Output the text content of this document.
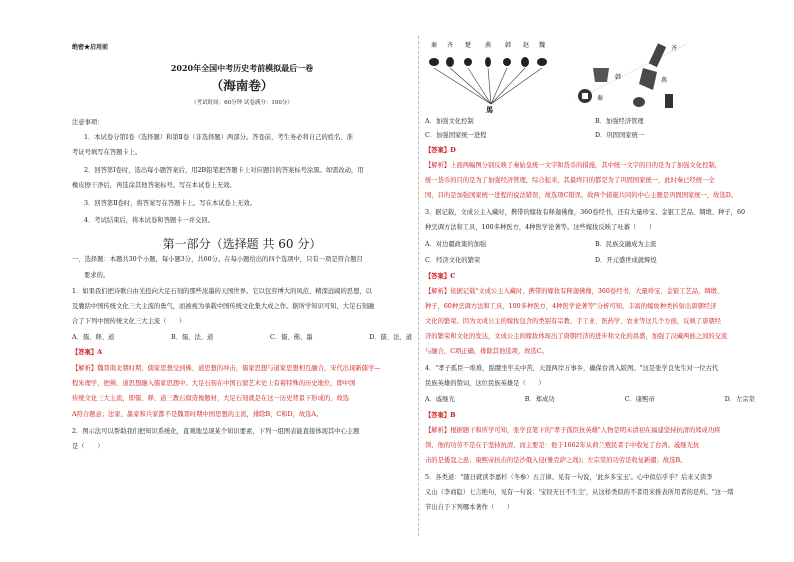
绝密★启用前
2020年全国中考历史考前模拟最后一卷
（海南卷）
（考试时间：60分钟 试卷满分：100分）

注意事项：

1．本试卷分第Ⅰ卷（选择题）和第Ⅱ卷（非选择题）两部分。答卷前，考生务必将自己的姓名、准

考证号填写在答题卡上。

2．回答第Ⅰ卷时，选出每小题答案后，用2B铅笔把答题卡上对应题目的答案标号涂黑。如需改动，用

橡皮擦干净后，再选涂其他答案标号。写在本试卷上无效。

3．回答第Ⅱ卷时，将答案写在答题卡上。写在本试卷上无效。

4．考试结束后，将本试卷和答题卡一并交回。

第一部分（选择题 共 60 分）

一、选择题：本题共30个小题，每小题3分，共60分。在每小题给出的四个选项中，只有一项是符合题目

要求的。

1．如果我们把诗歌自由光投向大足石刻的那些浓墨的天国世界。它以包容博大的风范、精深远阔的思想，以

及囊括中国传统文化三大主流的勇气，而被视为承载中国传统文化集大成之作。据所学知识可知，大足石刻融

合了下列中国传统文化三大主流（　　）

A．儒、释、道	B．儒、法、道	C．儒、佛、墨	D．儒、法、道

【答案】A

【解析】魏晋南北朝时期，儒家思想受到佛、道思想的冲击，儒家思想与道家思想相互融合，宋代出现新儒学—

程朱理学，把佛、道思想融入儒家思想中。大足石刻在中国石窟艺术史上有着特殊的历史地位，即中国

传统文化三大主流，即儒、释、道三教石窟造像题材，大足石刻就是在这一历史背景下形成的，故选

A符合题意；法家、墨家和兵家都不是魏晋时期中国思想的主流，排除B、C和D，故选A。

2．图示法可以帮助我们把知识系统化，直观地呈现某个知识要素，下列一组图表能直接体现其中心主题

是（　　）

秦 齐 楚 燕 韩 赵 魏
馬
齐
韩	燕
秦
A．加强文化控制	B．加强经济管理
C．加强国家统一进程	D．巩固国家统一

【答案】D

【解析】上面两幅图分别反映了秦始皇统一文字和货币的措施，其中统一文字的目的是为了加强文化控制，

统一货币的目的是为了加强经济管理，综合起来，其最终目的都是为了巩固国家统一，此时秦已经统一全

国，目的是加强国家统一进程的说法错误，故选项C错误。故两个措施共同的中心主题是巩固国家统一，故选D。

3．据记载，文成公主入藏时，携带的嫁妆有释迦佛像，360卷经书，还有大量珍宝、金银工艺品、绸缎、种子，60

种烹调方法和工具，100多种医方，4种医学论著等。这些嫁妆反映了吐蕃（　　）

A．对边疆政策的加强	B．民族交融成为主流
C．经济文化的繁荣	D．开元盛世成就辉煌

【答案】C

【解析】依据记载"文成公主入藏时，携带的嫁妆有释迦佛像，360卷经书，大量珍宝、金银工艺品、绸缎、

种子，60种烹调方法和工具，100多种医方，4种医学论著等"分析可知，丰富的嫁妆种类折射出唐朝经济

文化的繁荣。因为文成公主的嫁妆包含的类别有宗教、手工业、医药学、农业等这几个方面，反映了唐朝经

济的繁荣和文化的发达，文成公主的嫁妆体现出了唐朝经济的进步和文化的昌盛，加强了汉藏两族之间的交流

与融合，C项正确，排除其他选项，故选C。

4．"孝子孤臣一堆堆，骷髅坐牢关中苦，天涯两岸万事乡，确保台湾入版图。"这是张学良先生对一位古代

民族英雄的赞词，这位民族英雄是（　　）

A．戚继光	B．郑成功	C．康熙帝	D．左宗棠

【答案】B

【解析】根据题干和所学可知，张学良笔下的"孝子孤臣抗英雄"人物是明末清初在福建坚持抗清的郑成功将

领，他的功劳不是在于坚持抗清，而主要是：他于1662年从荷兰殖民者手中收复了台湾。戚继光抗

击的是倭寇之患；康熙帝抗击的是沙俄入侵(雅克萨之战)；左宗棠的功劳是收复新疆；故选B。

5．各类道："随日就读李嘉杉（冬参）五言律。见有一句说，'此乡多宝玉'。心中似信乎乎？后来又读李

义山（李商隐）七言绝句，见有一句说：'宝钗无日不生尘'，从这样类似的不者用来推表所用者的是所。"这一绪

节出自于下列哪本著作（　　）
